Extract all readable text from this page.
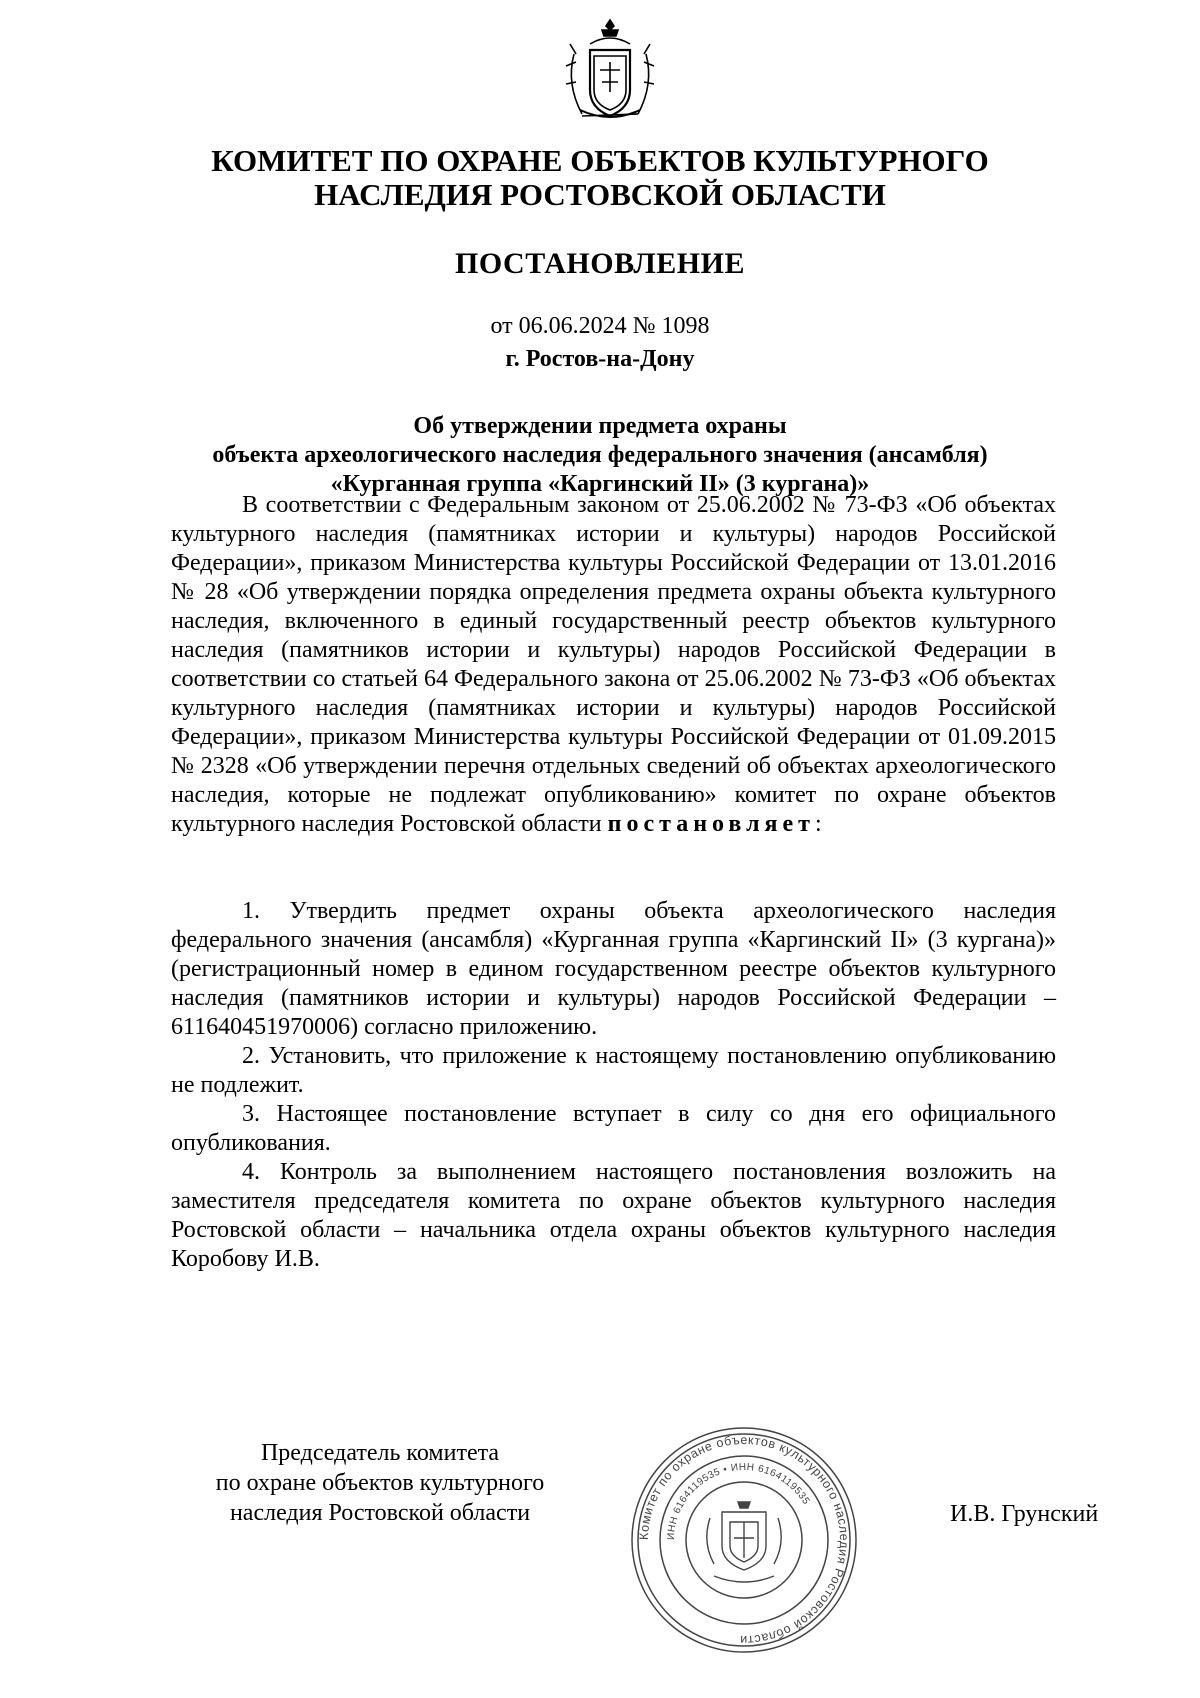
КОМИТЕТ ПО ОХРАНЕ ОБЪЕКТОВ КУЛЬТУРНОГО
НАСЛЕДИЯ РОСТОВСКОЙ ОБЛАСТИ
ПОСТАНОВЛЕНИЕ
от 06.06.2024 № 1098
г. Ростов-на-Дону
Об утверждении предмета охраны
объекта археологического наследия федерального значения (ансамбля)
«Курганная группа «Каргинский II» (3 кургана)»

В соответствии с Федеральным законом от 25.06.2002 № 73-ФЗ «Об объектах культурного наследия (памятниках истории и культуры) народов Российской Федерации», приказом Министерства культуры Российской Федерации от 13.01.2016 № 28 «Об утверждении порядка определения предмета охраны объекта культурного наследия, включенного в единый государственный реестр объектов культурного наследия (памятников истории и культуры) народов Российской Федерации в соответствии со статьей 64 Федерального закона от 25.06.2002 № 73-ФЗ «Об объектах культурного наследия (памятниках истории и культуры) народов Российской Федерации», приказом Министерства культуры Российской Федерации от 01.09.2015 № 2328 «Об утверждении перечня отдельных сведений об объектах археологического наследия, которые не подлежат опубликованию» комитет по охране объектов культурного наследия Ростовской области постановляет:

1. Утвердить предмет охраны объекта археологического наследия федерального значения (ансамбля) «Курганная группа «Каргинский II» (3 кургана)» (регистрационный номер в едином государственном реестре объектов культурного наследия (памятников истории и культуры) народов Российской Федерации – 611640451970006) согласно приложению.

2. Установить, что приложение к настоящему постановлению опубликованию не подлежит.

3. Настоящее постановление вступает в силу со дня его официального опубликования.

4. Контроль за выполнением настоящего постановления возложить на заместителя председателя комитета по охране объектов культурного наследия Ростовской области – начальника отдела охраны объектов культурного наследия Коробову И.В.

Председатель комитета
по охране объектов культурного
наследия Ростовской области
Комитет по охране объектов культурного наследия Ростовской области
ИНН 6164119535 • ИНН 6164119535	И.В. Грунский
